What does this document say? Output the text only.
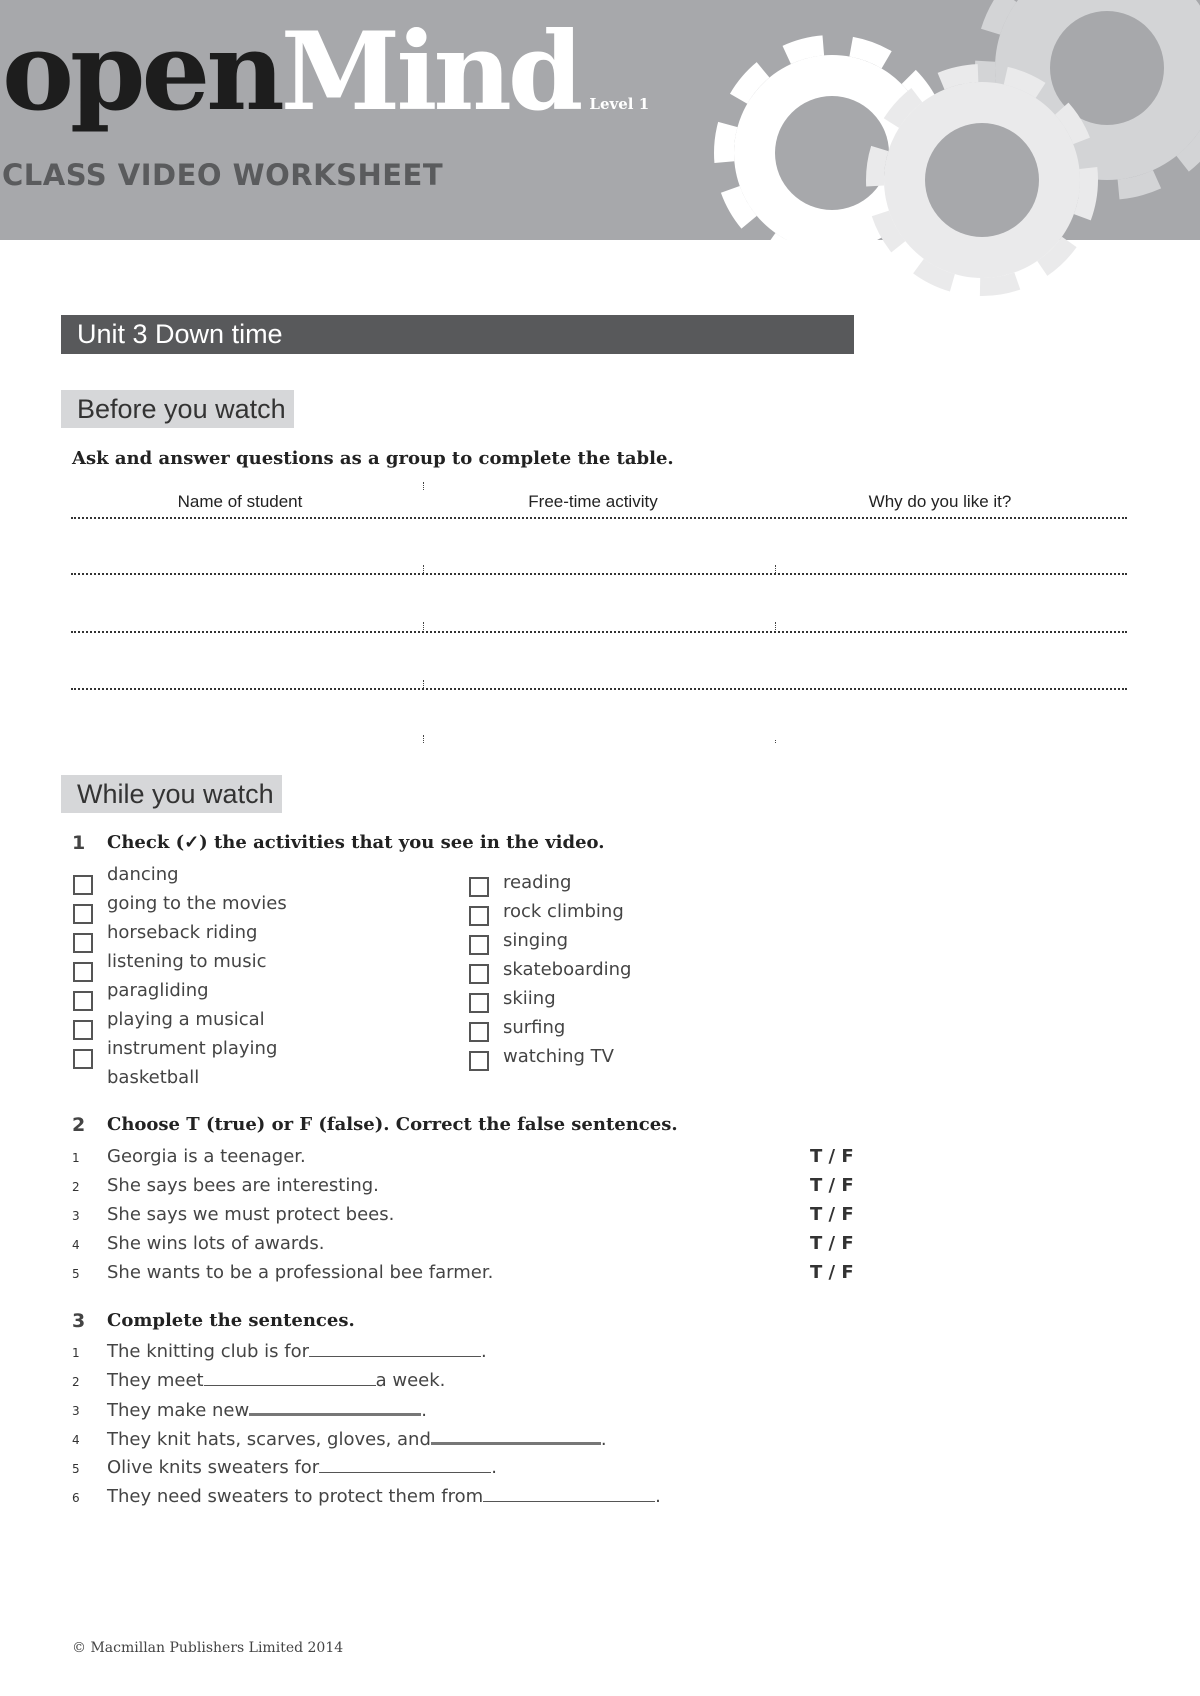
openMind Level 1
CLASS VIDEO WORKSHEET
Unit 3 Down time
Before you watch
Ask and answer questions as a group to complete the table.
Name of student	Free-time activity	Why do you like it?
While you watch
1 Check (✓) the activities that you see in the video.
dancing
going to the movies
horseback riding
listening to music
paragliding
playing a musical
instrument playing
basketball
reading
rock climbing
singing
skateboarding
skiing
surfing
watching TV
2 Choose T (true) or F (false). Correct the false sentences.
1 Georgia is a teenager.	T / F
2 She says bees are interesting.	T / F
3 She says we must protect bees.	T / F
4 She wins lots of awards.	T / F
5 She wants to be a professional bee farmer.	T / F
3 Complete the sentences.
1 The knitting club is for	.
2 They meet	a week.
3 They make new	.
4 They knit hats, scarves, gloves, and	.
5 Olive knits sweaters for	.
6 They need sweaters to protect them from	.
© Macmillan Publishers Limited 2014
